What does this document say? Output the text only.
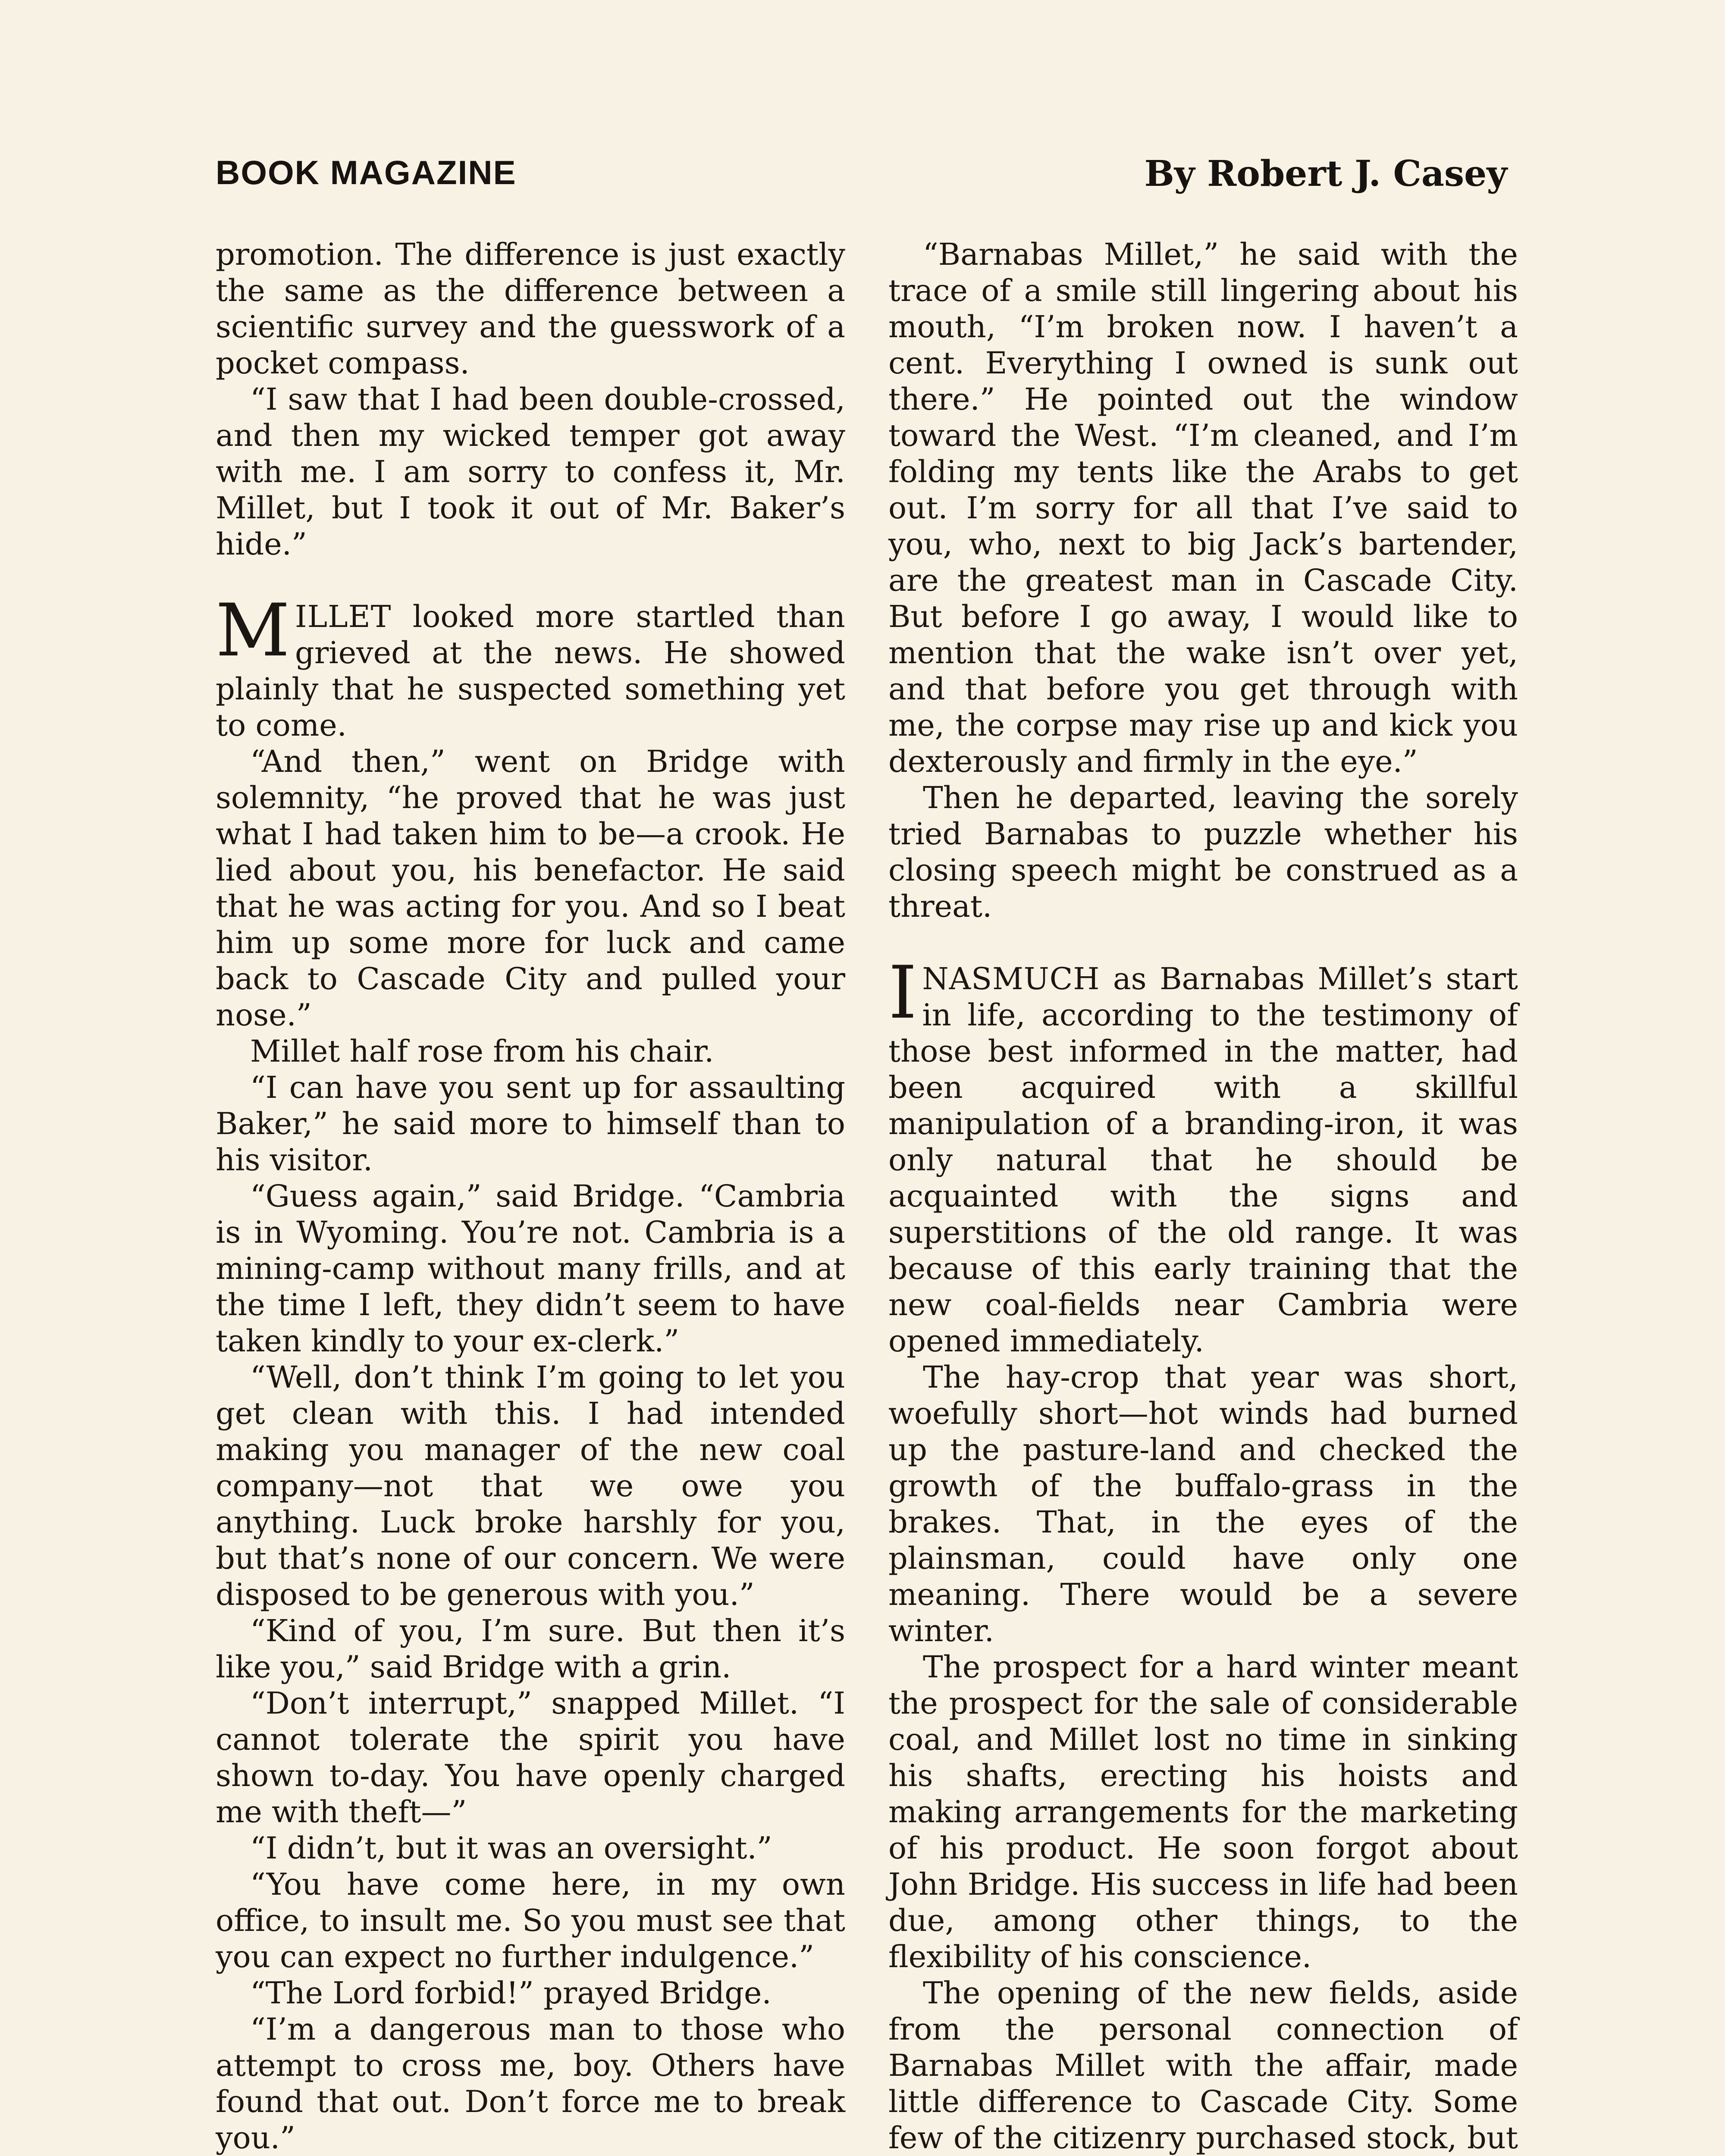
BOOK MAGAZINE	By Robert J. Casey

promotion. The difference is just exactly the same as the difference between a scientific survey and the guesswork of a pocket compass.

“I saw that I had been double-crossed, and then my wicked temper got away with me. I am sorry to confess it, Mr. Millet, but I took it out of Mr. Baker’s hide.”

MILLET looked more startled than grieved at the news. He showed plainly that he suspected something yet to come.

“And then,” went on Bridge with solemnity, “he proved that he was just what I had taken him to be—a crook. He lied about you, his benefactor. He said that he was acting for you. And so I beat him up some more for luck and came back to Cascade City and pulled your nose.”

Millet half rose from his chair.

“I can have you sent up for assaulting Baker,” he said more to himself than to his visitor.

“Guess again,” said Bridge. “Cambria is in Wyoming. You’re not. Cambria is a mining-camp without many frills, and at the time I left, they didn’t seem to have taken kindly to your ex-clerk.”

“Well, don’t think I’m going to let you get clean with this. I had intended making you manager of the new coal company—not that we owe you anything. Luck broke harshly for you, but that’s none of our concern. We were disposed to be generous with you.”

“Kind of you, I’m sure. But then it’s like you,” said Bridge with a grin.

“Don’t interrupt,” snapped Millet. “I cannot tolerate the spirit you have shown to-day. You have openly charged me with theft—”

“I didn’t, but it was an oversight.”

“You have come here, in my own office, to insult me. So you must see that you can expect no further indulgence.”

“The Lord forbid!” prayed Bridge.

“I’m a dangerous man to those who attempt to cross me, boy. Others have found that out. Don’t force me to break you.”

“Barnabas Millet,” he said with the trace of a smile still lingering about his mouth, “I’m broken now. I haven’t a cent. Everything I owned is sunk out there.” He pointed out the window toward the West. “I’m cleaned, and I’m folding my tents like the Arabs to get out. I’m sorry for all that I’ve said to you, who, next to big Jack’s bartender, are the greatest man in Cascade City. But before I go away, I would like to mention that the wake isn’t over yet, and that before you get through with me, the corpse may rise up and kick you dexterously and firmly in the eye.”

Then he departed, leaving the sorely tried Barnabas to puzzle whether his closing speech might be construed as a threat.

INASMUCH as Barnabas Millet’s start in life, according to the testimony of those best informed in the matter, had been acquired with a skillful manipulation of a branding-iron, it was only natural that he should be acquainted with the signs and superstitions of the old range. It was because of this early training that the new coal-fields near Cambria were opened immediately.

The hay-crop that year was short, woefully short—hot winds had burned up the pasture-land and checked the growth of the buffalo-grass in the brakes. That, in the eyes of the plainsman, could have only one meaning. There would be a severe winter.

The prospect for a hard winter meant the prospect for the sale of considerable coal, and Millet lost no time in sinking his shafts, erecting his hoists and making arrangements for the marketing of his product. He soon forgot about John Bridge. His success in life had been due, among other things, to the flexibility of his conscience.

The opening of the new fields, aside from the personal connection of Barnabas Millet with the affair, made little difference to Cascade City. Some few of the citizenry purchased stock, but
